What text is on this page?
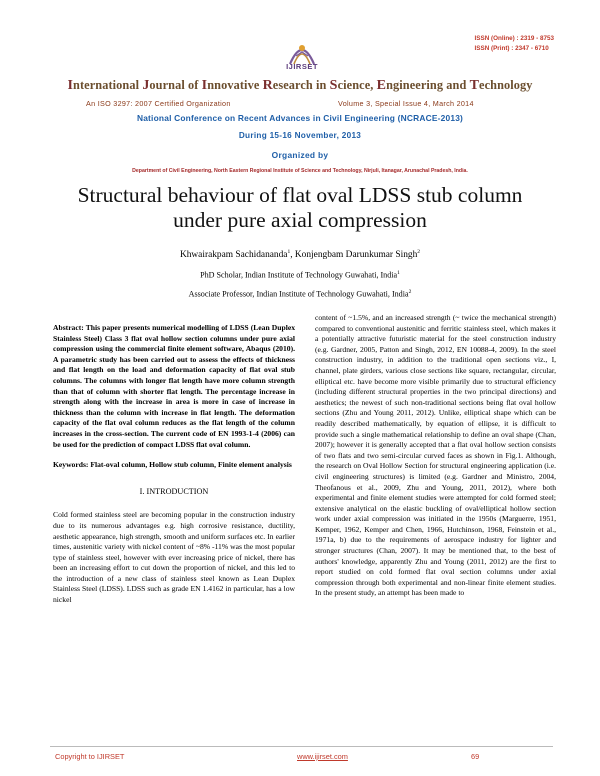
ISSN (Online) : 2319 - 8753
ISSN (Print) : 2347 - 6710
IJIRSET
International Journal of Innovative Research in Science, Engineering and Technology
An ISO 3297: 2007 Certified Organization	Volume 3, Special Issue 4, March 2014
National Conference on Recent Advances in Civil Engineering (NCRACE-2013)
During 15-16 November, 2013
Organized by
Department of Civil Engineering, North Eastern Regional Institute of Science and Technology, Nirjuli, Itanagar, Arunachal Pradesh, India.
Structural behaviour of flat oval LDSS stub column
under pure axial compression
Khwairakpam Sachidananda$^1$, Konjengbam Darunkumar Singh$^2$
PhD Scholar, Indian Institute of Technology Guwahati, India$^1$
Associate Professor, Indian Institute of Technology Guwahati, India$^2$

Abstract: This paper presents numerical modelling of LDSS (Lean Duplex Stainless Steel) Class 3 flat oval hollow section columns under pure axial compression using the commercial finite element software, Abaqus (2010). A parametric study has been carried out to assess the effects of thickness and flat length on the load and deformation capacity of flat oval stub columns. The columns with longer flat length have more column strength than that of column with shorter flat length. The percentage increase in strength along with the increase in area is more in case of increase in thickness than the column with increase in flat length. The deformation capacity of the flat oval column reduces as the flat length of the column increases in the cross-section. The current code of EN 1993-1-4 (2006) can be used for the prediction of compact LDSS flat oval column.

Keywords: Flat-oval column, Hollow stub column, Finite element analysis

I. INTRODUCTION

Cold formed stainless steel are becoming popular in the construction industry due to its numerous advantages e.g. high corrosive resistance, ductility, aesthetic appearance, high strength, smooth and uniform surfaces etc. In earlier times, austenitic variety with nickel content of ~8% -11% was the most popular type of stainless steel, however with ever increasing price of nickel, there has been an increasing effort to cut down the proportion of nickel, and this led to the introduction of a new class of stainless steel known as Lean Duplex Stainless Steel (LDSS). LDSS such as grade EN 1.4162 in particular, has a low nickel

content of ~1.5%, and an increased strength (~ twice the mechanical strength) compared to conventional austenitic and ferritic stainless steel, which makes it a potentially attractive futuristic material for the steel construction industry (e.g. Gardner, 2005, Patton and Singh, 2012, EN 10088-4, 2009). In the steel construction industry, in addition to the traditional open sections viz., I, channel, plate girders, various close sections like square, rectangular, circular, elliptical etc. have become more visible primarily due to structural efficiency (including different structural properties in the two principal directions) and aesthetics; the newest of such non-traditional sections being flat oval hollow sections (Zhu and Young 2011, 2012). Unlike, elliptical shape which can be readily described mathematically, by equation of ellipse, it is difficult to provide such a single mathematical relationship to define an oval shape (Chan, 2007); however it is generally accepted that a flat oval hollow section consists of two flats and two semi-circular curved faces as shown in Fig.1. Although, the research on Oval Hollow Section for structural engineering application (i.e. civil engineering structures) is limited (e.g. Gardner and Ministro, 2004, Theofanous et al., 2009, Zhu and Young, 2011, 2012), where both experimental and finite element studies were attempted for cold formed steel; extensive analytical on the elastic buckling of oval/elliptical hollow section work under axial compression was initiated in the 1950s (Marguerre, 1951, Kemper, 1962, Kemper and Chen, 1966, Hutchinson, 1968, Feinstein et al., 1971a, b) due to the requirements of aerospace industry for lighter and stronger structures (Chan, 2007). It may be mentioned that, to the best of authors' knowledge, apparently Zhu and Young (2011, 2012) are the first to report studied on cold formed flat oval section columns under axial compression through both experimental and non-linear finite element studies. In the present study, an attempt has been made to

Copyright to IJIRSET	www.ijirset.com	69
